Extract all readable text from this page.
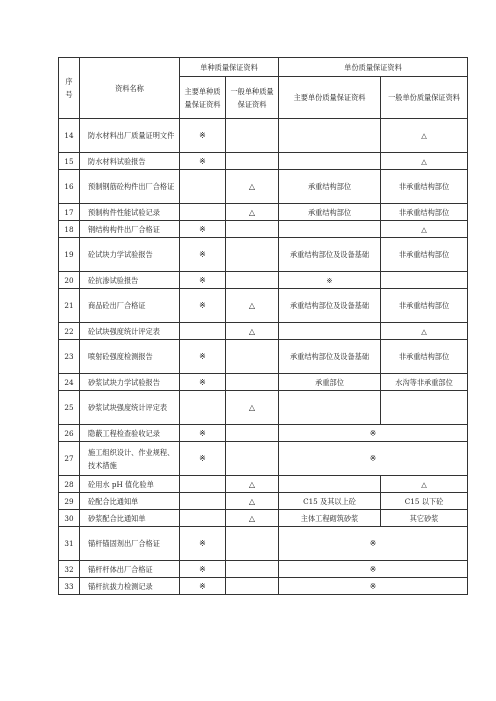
序号	资料名称	单种质量保证资料		单份质量保证资料	
		主要单种质量保证资料	一般单种质量保证资料	主要单份质量保证资料	一般单份质量保证资料
14	防水材料出厂质量证明文件	※			△
15	防水材料试验报告	※			△
16	预制钢筋砼构件出厂合格证		△	承重结构部位	非承重结构部位
17	预制构件性能试验记录		△	承重结构部位	非承重结构部位
18	钢结构构件出厂合格证	※			△
19	砼试块力学试验报告	※		承重结构部位及设备基础	非承重结构部位
20	砼抗渗试验报告	※		※	
21	商品砼出厂合格证	※	△	承重结构部位及设备基础	非承重结构部位
22	砼试块强度统计评定表		△		△
23	喷射砼强度检测报告	※		承重结构部位及设备基础	非承重结构部位
24	砂浆试块力学试验报告	※		承重部位	水沟等非承重部位
25	砂浆试块强度统计评定表		△		
26	隐蔽工程检查验收记录	※		※	
27	施工组织设计、作业规程、技术措施	※		※	
28	砼用水 pH 值化验单		△		△
29	砼配合比通知单		△	C15 及其以上砼	C15 以下砼
30	砂浆配合比通知单		△	主体工程砌筑砂浆	其它砂浆
31	锚杆锚固剂出厂合格证	※		※	
32	锚杆杆体出厂合格证	※		※	
33	锚杆抗拔力检测记录	※		※	
